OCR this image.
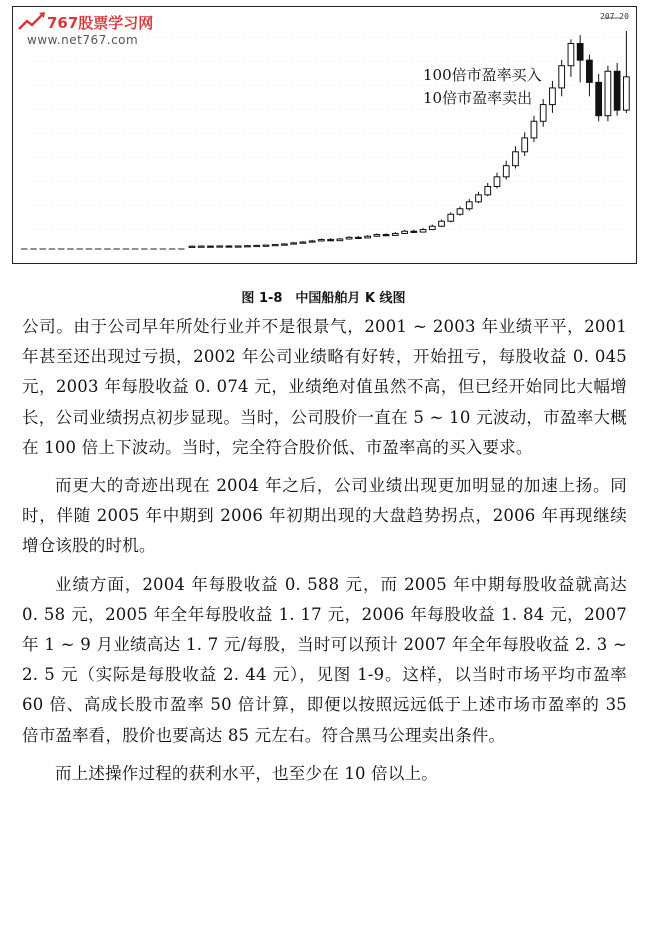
767股票学习网
www.net767.com
207 20
100倍市盈率买入
10倍市盈率卖出
图 1-8　中国船舶月 K 线图

公司。由于公司早年所处行业并不是很景气，2001 ~ 2003 年业绩平平，2001 年甚至还出现过亏损，2002 年公司业绩略有好转，开始扭亏，每股收益 0. 045 元，2003 年每股收益 0. 074 元，业绩绝对值虽然不高，但已经开始同比大幅增长，公司业绩拐点初步显现。当时，公司股价一直在 5 ~ 10 元波动，市盈率大概在 100 倍上下波动。当时，完全符合股价低、市盈率高的买入要求。

而更大的奇迹出现在 2004 年之后，公司业绩出现更加明显的加速上扬。同时，伴随 2005 年中期到 2006 年初期出现的大盘趋势拐点，2006 年再现继续增仓该股的时机。

业绩方面，2004 年每股收益 0. 588 元，而 2005 年中期每股收益就高达 0. 58 元，2005 年全年每股收益 1. 17 元，2006 年每股收益 1. 84 元，2007 年 1 ~ 9 月业绩高达 1. 7 元/每股，当时可以预计 2007 年全年每股收益 2. 3 ~ 2. 5 元（实际是每股收益 2. 44 元），见图 1-9。这样，以当时市场平均市盈率 60 倍、高成长股市盈率 50 倍计算，即便以按照远远低于上述市场市盈率的 35 倍市盈率看，股价也要高达 85 元左右。符合黑马公理卖出条件。

而上述操作过程的获利水平，也至少在 10 倍以上。
